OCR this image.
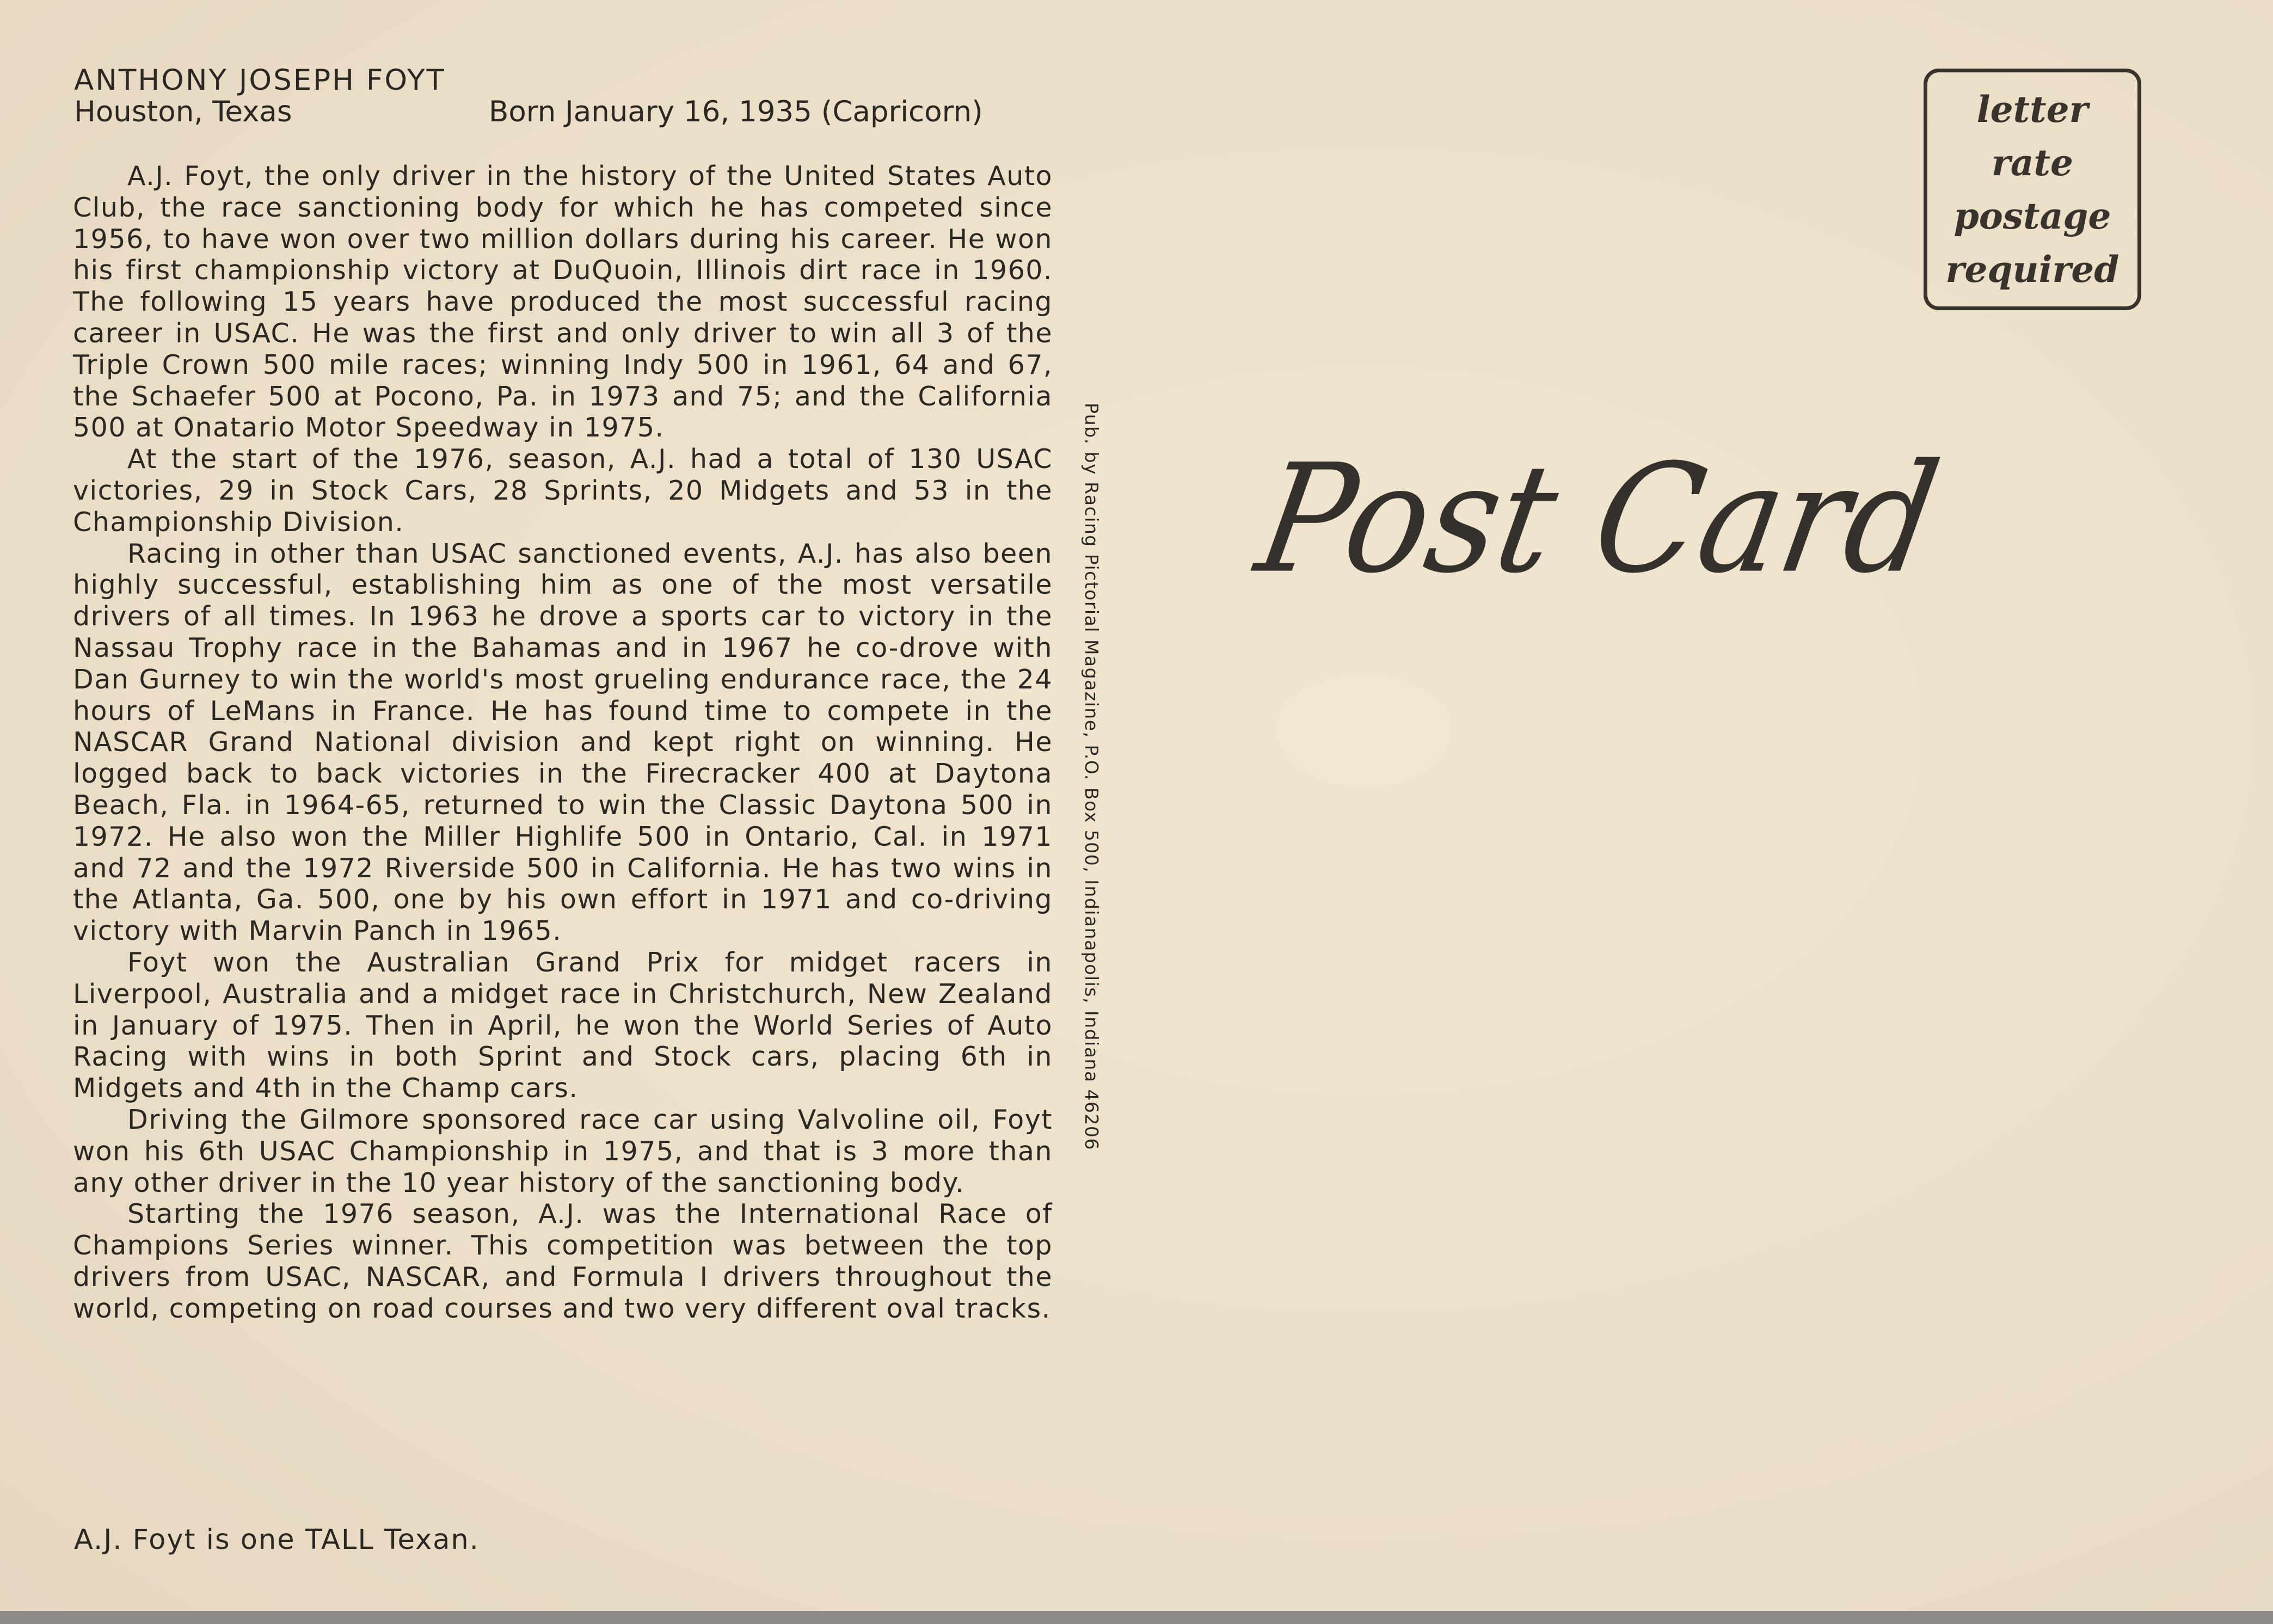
ANTHONY JOSEPH FOYT
Houston, Texas	Born January 16, 1935 (Capricorn)

A.J. Foyt, the only driver in the history of the United States Auto Club, the race sanctioning body for which he has competed since 1956, to have won over two million dollars during his career. He won his first championship victory at DuQuoin, Illinois dirt race in 1960. The following 15 years have produced the most successful racing career in USAC. He was the first and only driver to win all 3 of the Triple Crown 500 mile races; winning Indy 500 in 1961, 64 and 67, the Schaefer 500 at Pocono, Pa. in 1973 and 75; and the California 500 at Onatario Motor Speedway in 1975.

At the start of the 1976, season, A.J. had a total of 130 USAC victories, 29 in Stock Cars, 28 Sprints, 20 Midgets and 53 in the Championship Division.

Racing in other than USAC sanctioned events, A.J. has also been highly successful, establishing him as one of the most versatile drivers of all times. In 1963 he drove a sports car to victory in the Nassau Trophy race in the Bahamas and in 1967 he co-drove with Dan Gurney to win the world's most grueling endurance race, the 24 hours of LeMans in France. He has found time to compete in the NASCAR Grand National division and kept right on winning. He logged back to back victories in the Firecracker 400 at Daytona Beach, Fla. in 1964-65, returned to win the Classic Daytona 500 in 1972. He also won the Miller Highlife 500 in Ontario, Cal. in 1971 and 72 and the 1972 Riverside 500 in California. He has two wins in the Atlanta, Ga. 500, one by his own effort in 1971 and co-driving victory with Marvin Panch in 1965.

Foyt won the Australian Grand Prix for midget racers in Liverpool, Australia and a midget race in Christchurch, New Zealand in January of 1975. Then in April, he won the World Series of Auto Racing with wins in both Sprint and Stock cars, placing 6th in Midgets and 4th in the Champ cars.

Driving the Gilmore sponsored race car using Valvoline oil, Foyt won his 6th USAC Championship in 1975, and that is 3 more than any other driver in the 10 year history of the sanctioning body.

Starting the 1976 season, A.J. was the International Race of Champions Series winner. This competition was between the top drivers from USAC, NASCAR, and Formula I drivers throughout the world, competing on road courses and two very different oval tracks.

A.J. Foyt is one TALL Texan.
Pub. by Racing Pictorial Magazine, P.O. Box 500, Indianapolis, Indiana 46206 Post Card
letter
rate
postage
required
